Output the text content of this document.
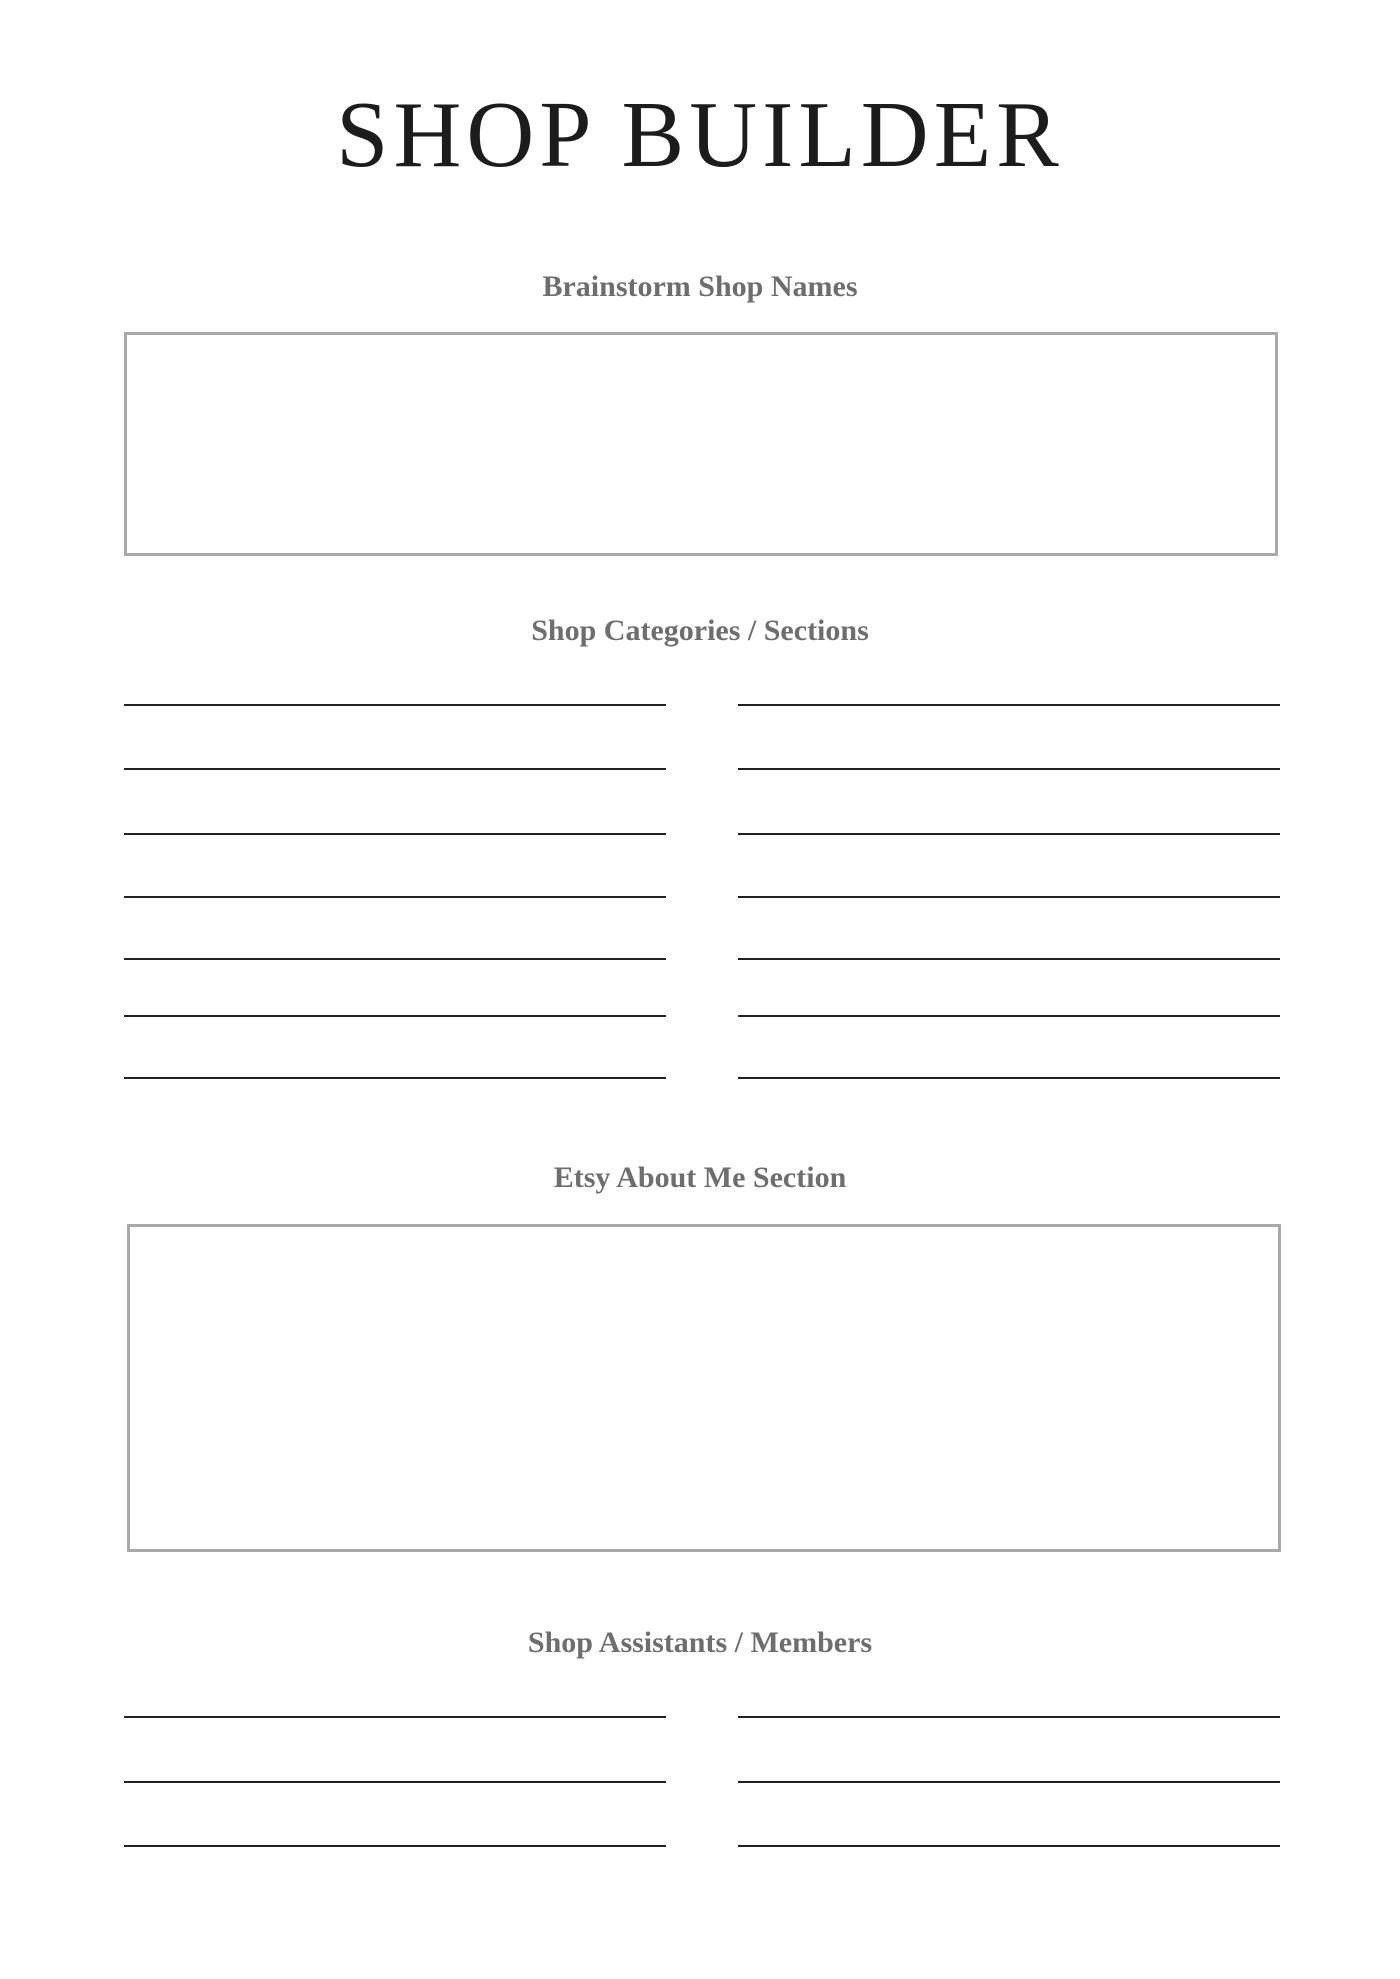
SHOP BUILDER
Brainstorm Shop Names
Shop Categories / Sections
Etsy About Me Section
Shop Assistants / Members
